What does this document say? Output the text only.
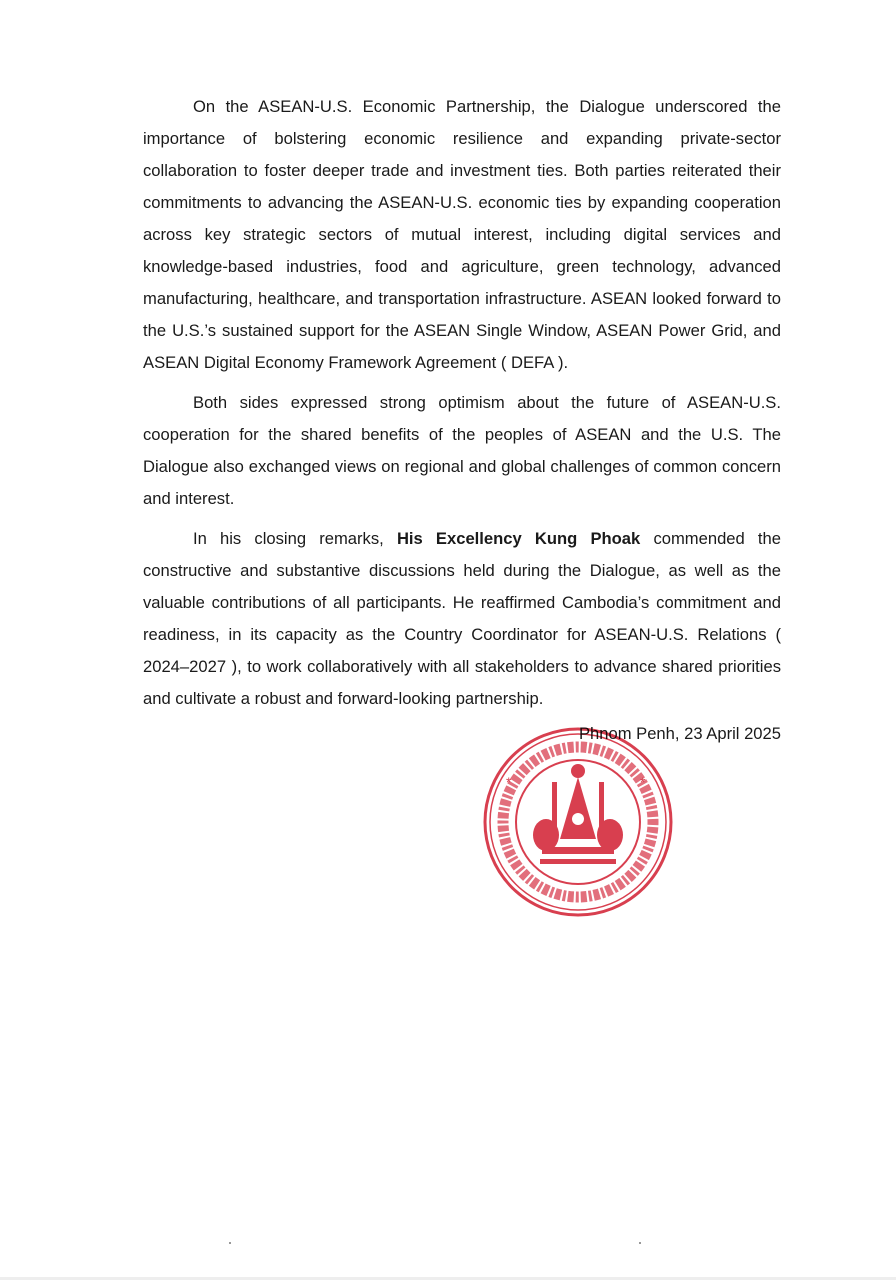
On the ASEAN-U.S. Economic Partnership, the Dialogue underscored the importance of bolstering economic resilience and expanding private-sector collaboration to foster deeper trade and investment ties. Both parties reiterated their commitments to advancing the ASEAN-U.S. economic ties by expanding cooperation across key strategic sectors of mutual interest, including digital services and knowledge-based industries, food and agriculture, green technology, advanced manufacturing, healthcare, and transportation infrastructure. ASEAN looked forward to the U.S.’s sustained support for the ASEAN Single Window, ASEAN Power Grid, and ASEAN Digital Economy Framework Agreement ( DEFA ).

Both sides expressed strong optimism about the future of ASEAN-U.S. cooperation for the shared benefits of the peoples of ASEAN and the U.S. The Dialogue also exchanged views on regional and global challenges of common concern and interest.

In his closing remarks, His Excellency Kung Phoak commended the constructive and substantive discussions held during the Dialogue, as well as the valuable contributions of all participants. He reaffirmed Cambodia’s commitment and readiness, in its capacity as the Country Coordinator for ASEAN-U.S. Relations ( 2024–2027 ), to work collaboratively with all stakeholders to advance shared priorities and cultivate a robust and forward-looking partnership.

Phnom Penh, 23 April 2025
*	*
